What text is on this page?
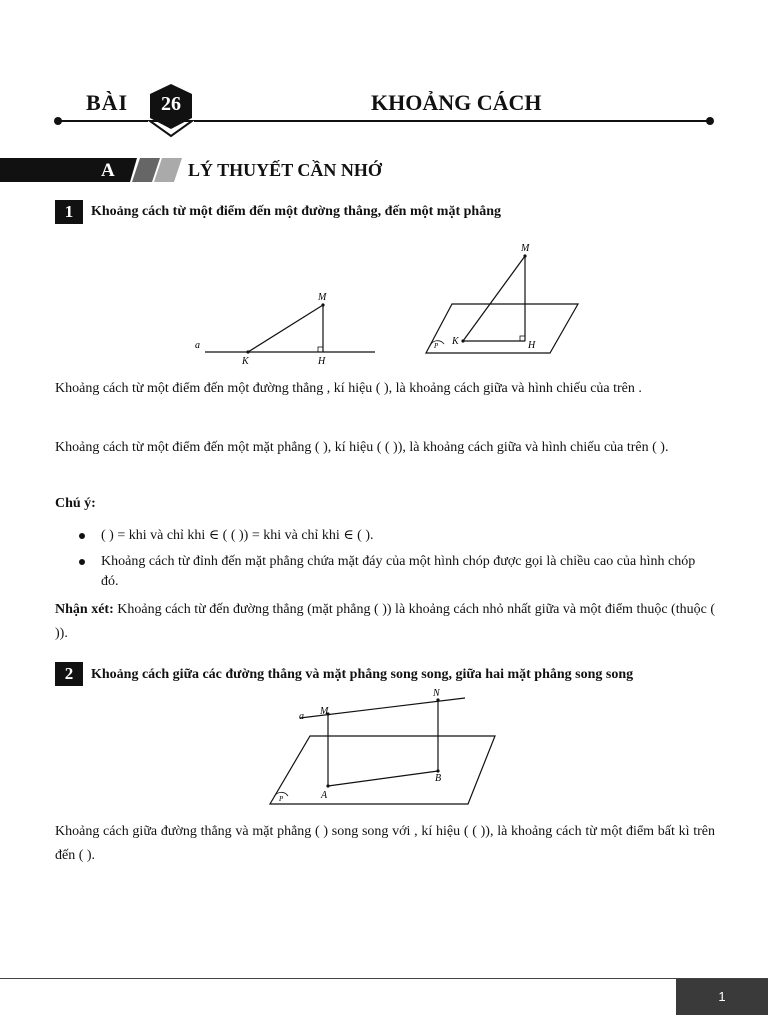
BÀI	26	KHOẢNG CÁCH
A	LÝ THUYẾT CẦN NHỚ
1	Khoảng cách từ một điểm đến một đường thẳng, đến một mặt phẳng
a
K	H
M
M
K	H
P
Khoảng cách từ một điểm đến một đường thẳng , kí hiệu ( ), là khoảng cách giữa và hình chiếu của trên .
Khoảng cách từ một điểm đến một mặt phẳng ( ), kí hiệu ( ( )), là khoảng cách giữa và hình chiếu của trên ( ).
Chú ý:
( ) = khi và chỉ khi ∈ ( ( )) = khi và chỉ khi ∈ ( ).
Khoảng cách từ đỉnh đến mặt phẳng chứa mặt đáy của một hình chóp được gọi là chiều cao của hình chóp đó.
Nhận xét: Khoảng cách từ đến đường thẳng (mặt phẳng ( )) là khoảng cách nhỏ nhất giữa và một điểm thuộc (thuộc ( )).
2	Khoảng cách giữa các đường thẳng và mặt phẳng song song, giữa hai mặt phẳng song song
a M
N
A
B
P
Khoảng cách giữa đường thẳng và mặt phẳng ( ) song song với , kí hiệu ( ( )), là khoảng cách từ một điểm bất kì trên đến ( ).
1
